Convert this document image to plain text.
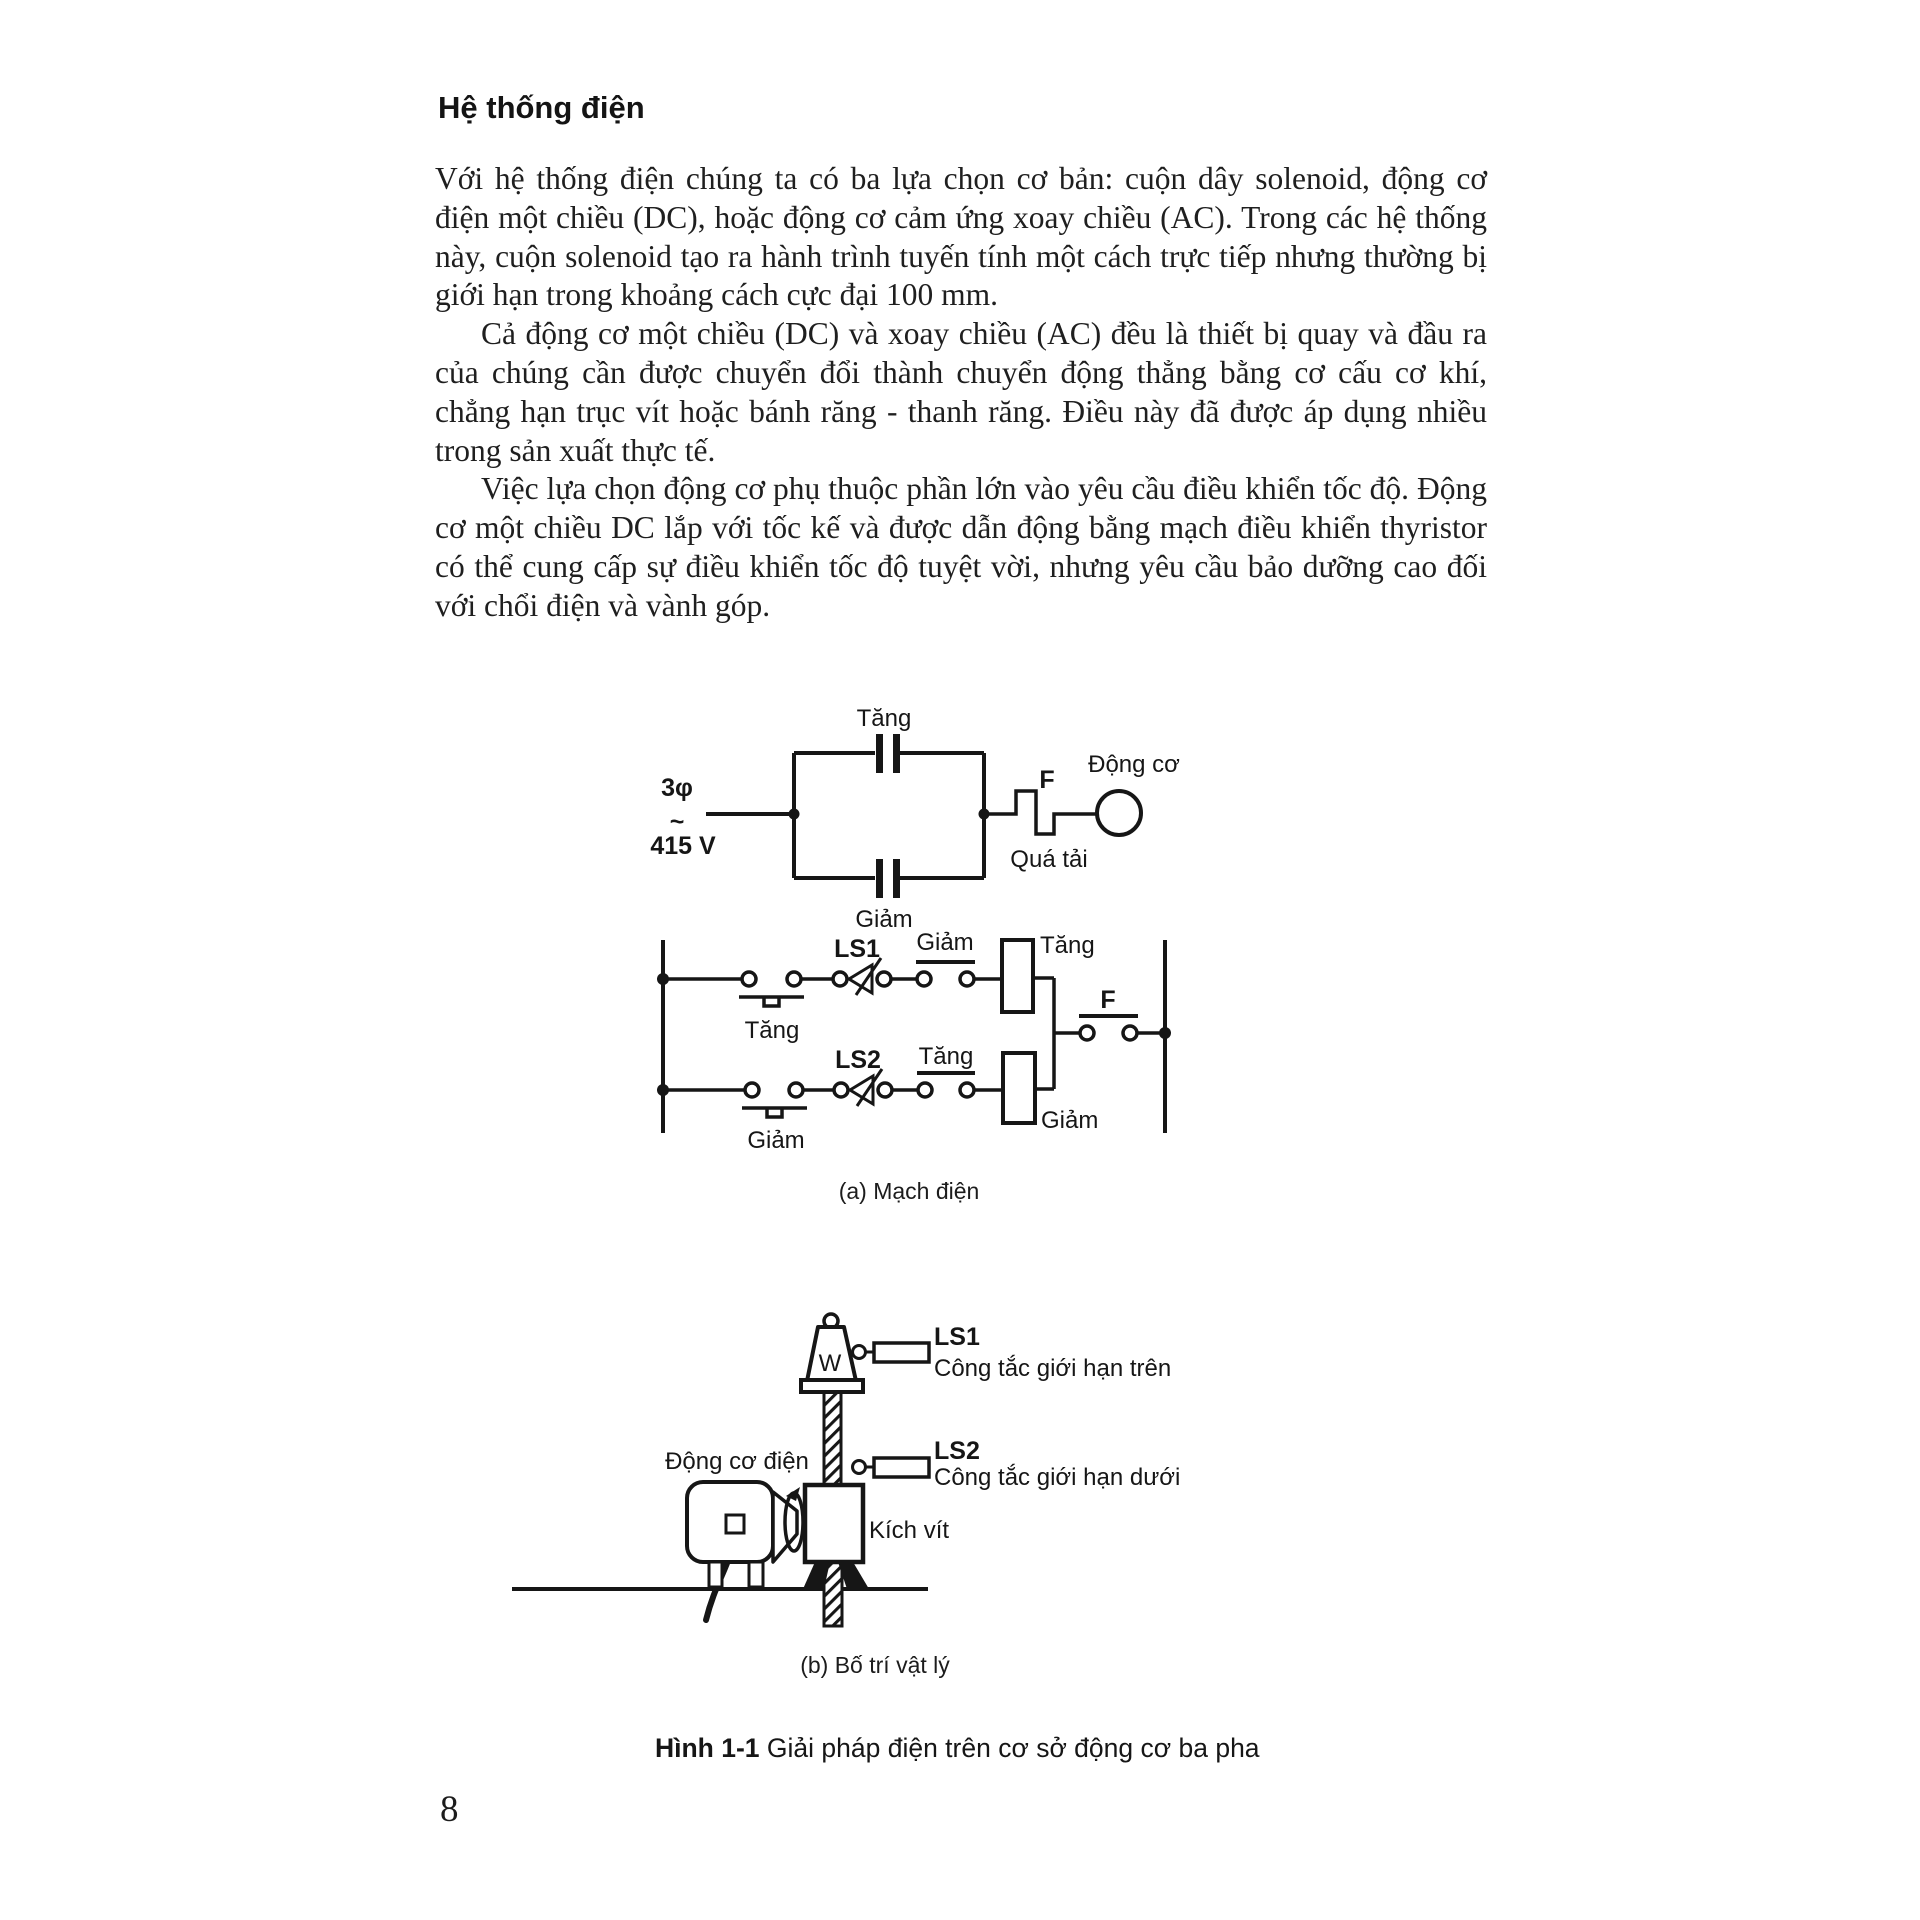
Hệ thống điện

Với hệ thống điện chúng ta có ba lựa chọn cơ bản: cuộn dây solenoid, động cơ điện một chiều (DC), hoặc động cơ cảm ứng xoay chiều (AC). Trong các hệ thống này, cuộn solenoid tạo ra hành trình tuyến tính một cách trực tiếp nhưng thường bị giới hạn trong khoảng cách cực đại 100 mm.

Cả động cơ một chiều (DC) và xoay chiều (AC) đều là thiết bị quay và đầu ra của chúng cần được chuyển đổi thành chuyển động thẳng bằng cơ cấu cơ khí, chẳng hạn trục vít hoặc bánh răng - thanh răng. Điều này đã được áp dụng nhiều trong sản xuất thực tế.

Việc lựa chọn động cơ phụ thuộc phần lớn vào yêu cầu điều khiển tốc độ. Động cơ một chiều DC lắp với tốc kế và được dẫn động bằng mạch điều khiển thyristor có thể cung cấp sự điều khiển tốc độ tuyệt vời, nhưng yêu cầu bảo dưỡng cao đối với chổi điện và vành góp.

Tăng
Giảm
3φ
~
415 V
F
Quá tải
Động cơ
Tăng
LS1 Giảm	Tăng
F
Giảm
LS2 Tăng
Giảm
(a) Mạch điện
W
LS1
Công tắc giới hạn trên
LS2
Công tắc giới hạn dưới
Động cơ điện
Kích vít
(b) Bố trí vật lý
Hình 1-1 Giải pháp điện trên cơ sở động cơ ba pha
8
